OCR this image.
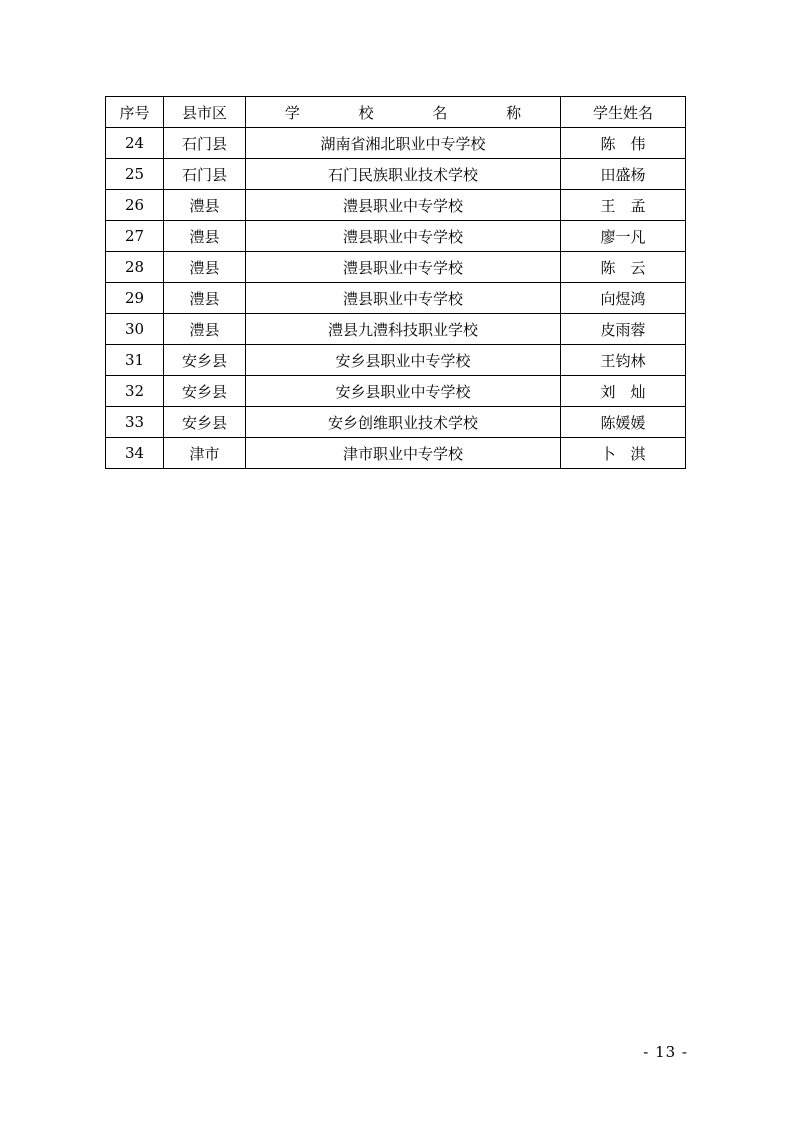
序号	县市区	学 校 名 称	学生姓名
24	石门县	湖南省湘北职业中专学校	陈　伟
25	石门县	石门民族职业技术学校	田盛杨
26	澧县	澧县职业中专学校	王　孟
27	澧县	澧县职业中专学校	廖一凡
28	澧县	澧县职业中专学校	陈　云
29	澧县	澧县职业中专学校	向煜鸿
30	澧县	澧县九澧科技职业学校	皮雨蓉
31	安乡县	安乡县职业中专学校	王钧林
32	安乡县	安乡县职业中专学校	刘　灿
33	安乡县	安乡创维职业技术学校	陈媛媛
34	津市	津市职业中专学校	卜　淇
- 13 -
